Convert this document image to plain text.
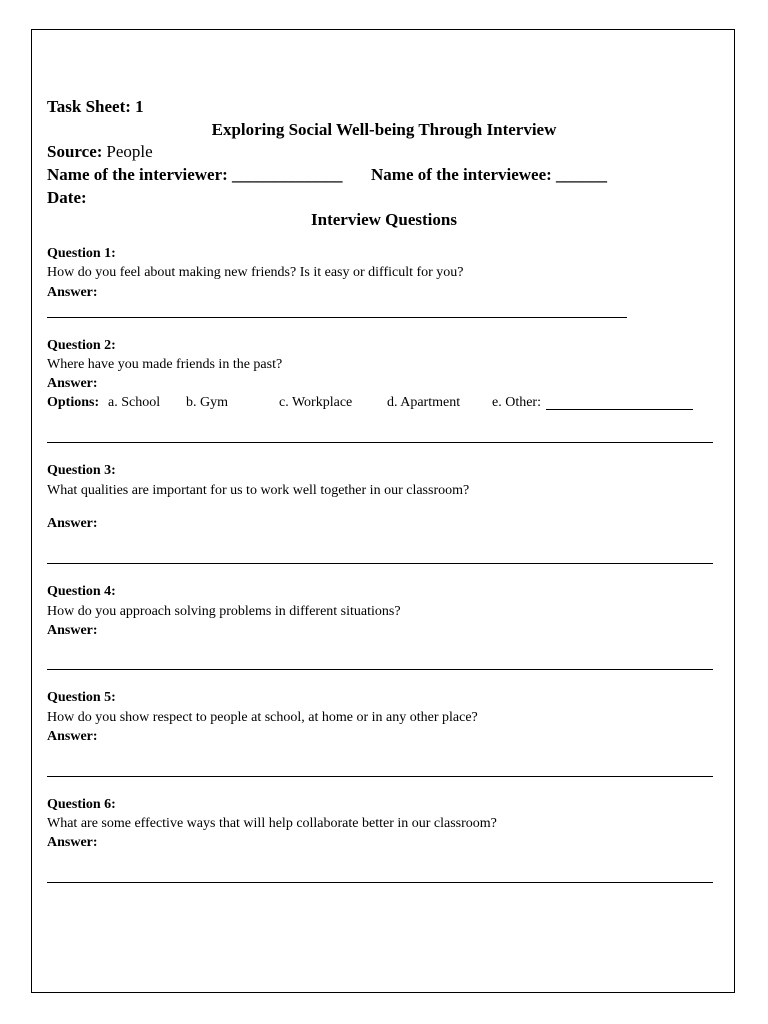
Task Sheet: 1
Exploring Social Well-being Through Interview
Source: People
Name of the interviewer: _____________ Name of the interviewee: ______
Date:
Interview Questions
Question 1:
How do you feel about making new friends? Is it easy or difficult for you?
Answer:
Question 2:
Where have you made friends in the past?
Answer:
Options: a. School b. Gym	c. Workplace d. Apartment e. Other:
Question 3:
What qualities are important for us to work well together in our classroom?
Answer:
Question 4:
How do you approach solving problems in different situations?
Answer:
Question 5:
How do you show respect to people at school, at home or in any other place?
Answer:
Question 6:
What are some effective ways that will help collaborate better in our classroom?
Answer:
